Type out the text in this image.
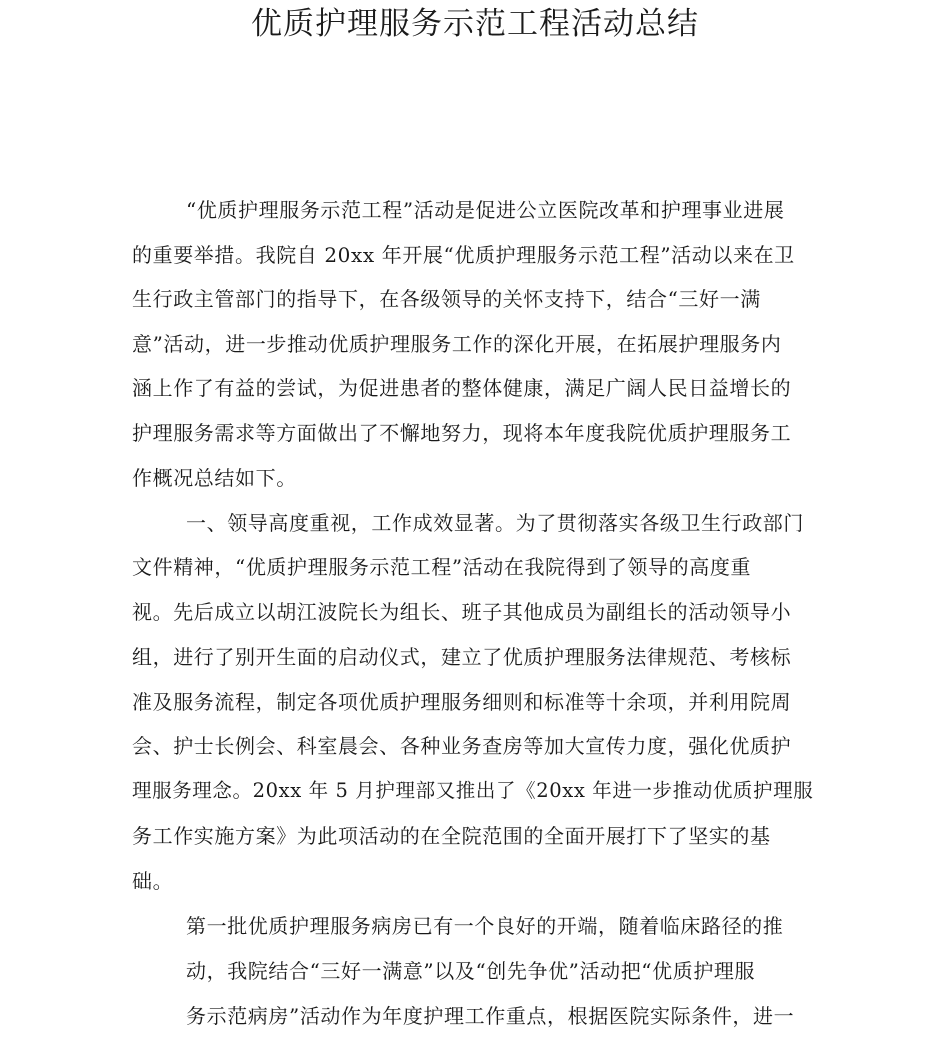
优质护理服务示范工程活动总结

“优质护理服务示范工程”活动是促进公立医院改革和护理事业进展

的重要举措。我院自 20xx 年开展“优质护理服务示范工程”活动以来在卫

生行政主管部门的指导下，在各级领导的关怀支持下，结合“三好一满

意”活动，进一步推动优质护理服务工作的深化开展，在拓展护理服务内

涵上作了有益的尝试，为促进患者的整体健康，满足广阔人民日益增长的

护理服务需求等方面做出了不懈地努力，现将本年度我院优质护理服务工

作概况总结如下。

一、领导高度重视，工作成效显著。为了贯彻落实各级卫生行政部门

文件精神，“优质护理服务示范工程”活动在我院得到了领导的高度重

视。先后成立以胡江波院长为组长、班子其他成员为副组长的活动领导小

组，进行了别开生面的启动仪式，建立了优质护理服务法律规范、考核标

准及服务流程，制定各项优质护理服务细则和标准等十余项，并利用院周

会、护士长例会、科室晨会、各种业务查房等加大宣传力度，强化优质护

理服务理念。20xx 年 5 月护理部又推出了《20xx 年进一步推动优质护理服

务工作实施方案》为此项活动的在全院范围的全面开展打下了坚实的基

础。

第一批优质护理服务病房已有一个良好的开端，随着临床路径的推

动，我院结合“三好一满意”以及“创先争优”活动把“优质护理服

务示范病房”活动作为年度护理工作重点，根据医院实际条件，进一
